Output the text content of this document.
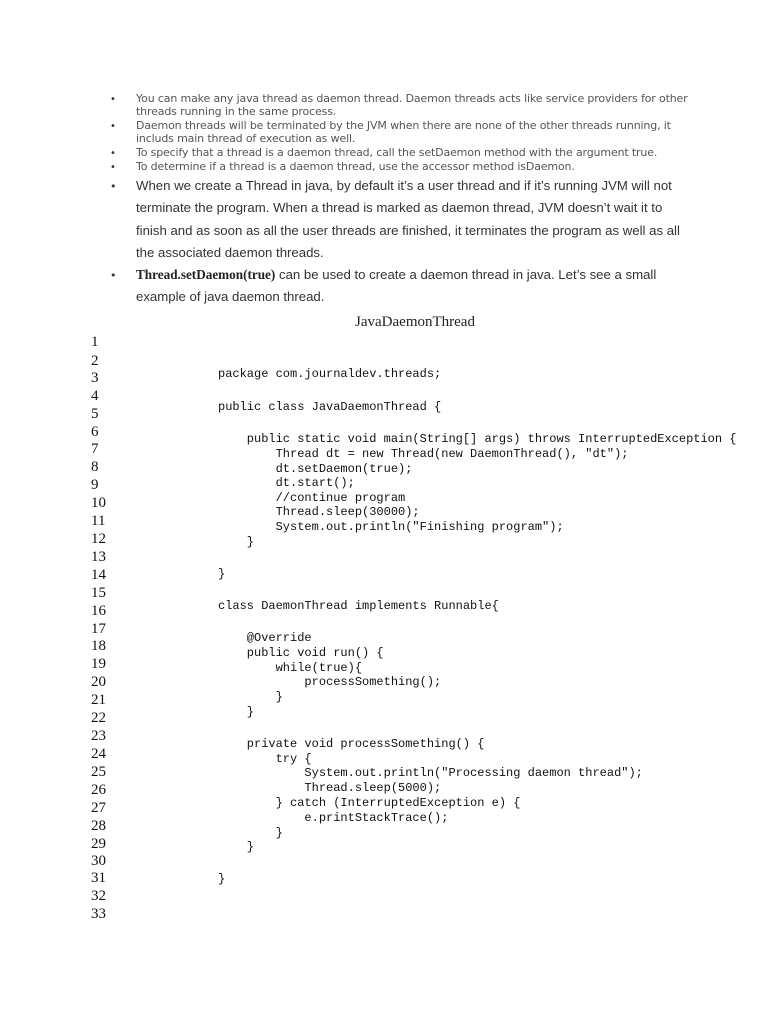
• You can make any java thread as daemon thread. Daemon threads acts like service providers for other threads running in the same process.
• Daemon threads will be terminated by the JVM when there are none of the other threads running, it includs main thread of execution as well.
• To specify that a thread is a daemon thread, call the setDaemon method with the argument true.
• To determine if a thread is a daemon thread, use the accessor method isDaemon.
• When we create a Thread in java, by default it’s a user thread and if it’s running JVM will not terminate the program. When a thread is marked as daemon thread, JVM doesn’t wait it to finish and as soon as all the user threads are finished, it terminates the program as well as all the associated daemon threads.
• Thread.setDaemon(true) can be used to create a daemon thread in java. Let’s see a small example of java daemon thread.
JavaDaemonThread
1
2
3
4
5
6
7
8
9
10
11
12
13
14
15
16
17
18
19
20
21
22
23
24
25
26
27
28
29
30
31
32
33
package com.journaldev.threads;
public class JavaDaemonThread {
public static void main(String[] args) throws InterruptedException {
Thread dt = new Thread(new DaemonThread(), "dt");
dt.setDaemon(true);
dt.start();
//continue program
Thread.sleep(30000);
System.out.println("Finishing program");
}
}
class DaemonThread implements Runnable{
@Override
public void run() {
while(true){
processSomething();
}
}
private void processSomething() {
try {
System.out.println("Processing daemon thread");
Thread.sleep(5000);
} catch (InterruptedException e) {
e.printStackTrace();
}
}
}
